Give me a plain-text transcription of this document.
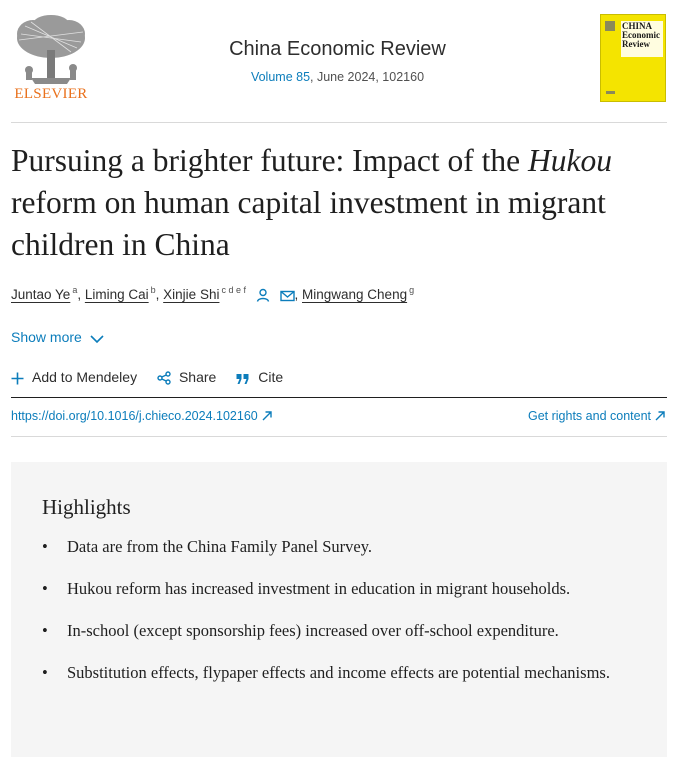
ELSEVIER
China Economic Review
Volume 85, June 2024, 102160
CHINA Economic Review
Pursuing a brighter future: Impact of the Hukou reform on human capital investment in migrant children in China
Juntao Ye $^a$, Liming Cai $^b$, Xinjie Shi $^{c d e f}$	, Mingwang Cheng $^g$
Show more
Add to Mendeley	Share	Cite
https://doi.org/10.1016/j.chieco.2024.102160	Get rights and content
Highlights
• Data are from the China Family Panel Survey.
• Hukou reform has increased investment in education in migrant households.
• In-school (except sponsorship fees) increased over off-school expenditure.
• Substitution effects, flypaper effects and income effects are potential mechanisms.
